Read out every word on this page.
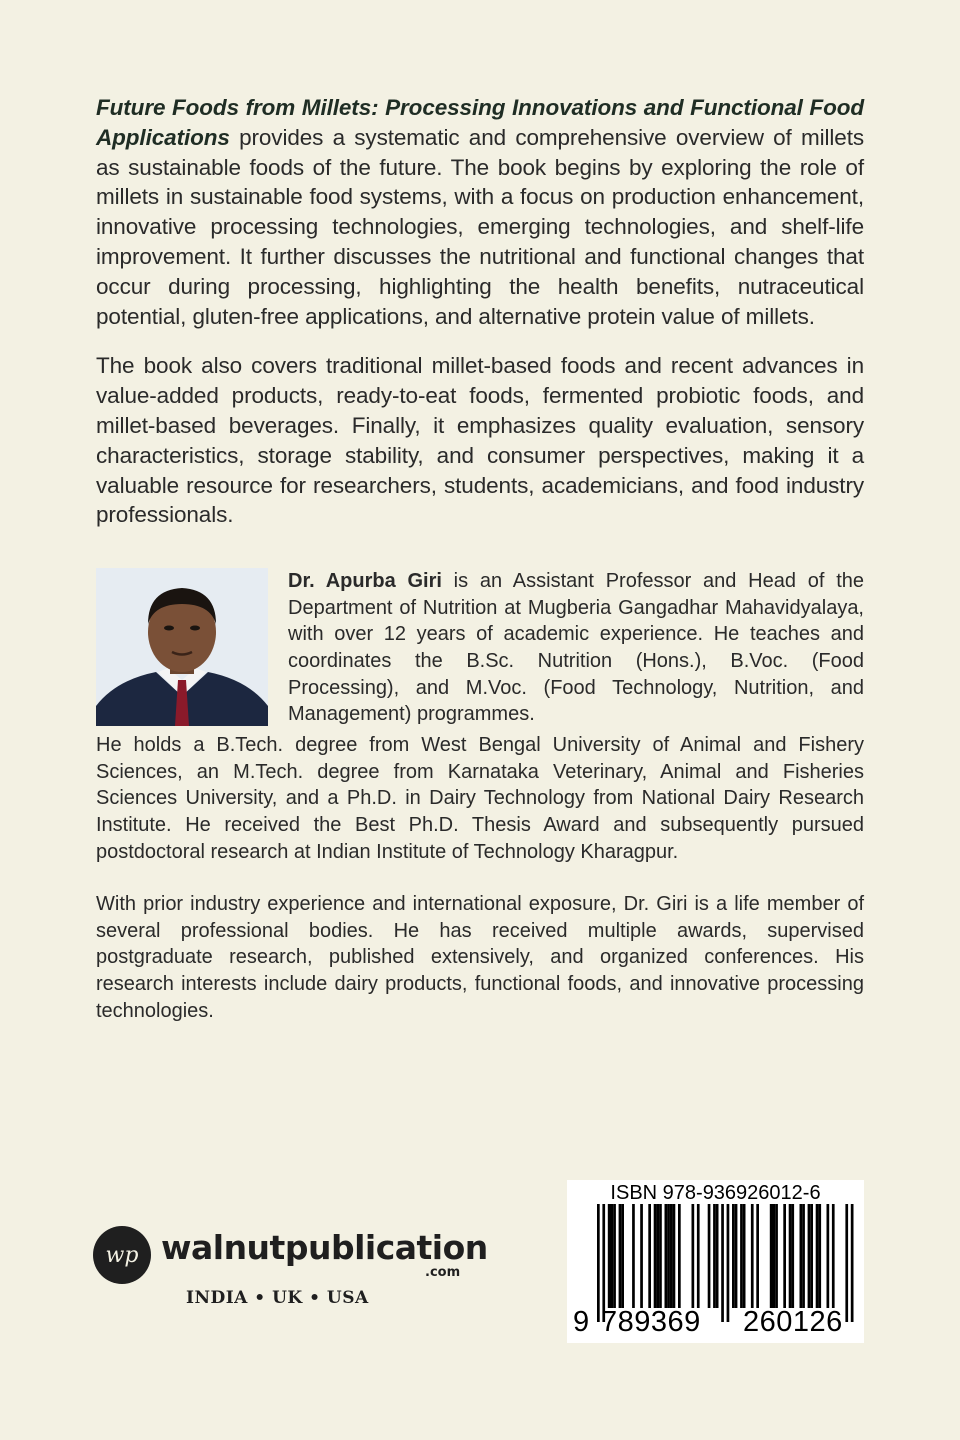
Future Foods from Millets: Processing Innovations and Functional Food Applications provides a systematic and comprehensive overview of millets as sustainable foods of the future. The book begins by exploring the role of millets in sustainable food systems, with a focus on production enhancement, innovative processing technologies, emerging technologies, and shelf-life improvement. It further discusses the nutritional and functional changes that occur during processing, highlighting the health benefits, nutraceutical potential, gluten-free applications, and alternative protein value of millets.

The book also covers traditional millet-based foods and recent advances in value-added products, ready-to-eat foods, fermented probiotic foods, and millet-based beverages. Finally, it emphasizes quality evaluation, sensory characteristics, storage stability, and consumer perspectives, making it a valuable resource for researchers, students, academicians, and food industry professionals.

Dr. Apurba Giri is an Assistant Professor and Head of the Department of Nutrition at Mugberia Gangadhar Mahavidyalaya, with over 12 years of academic experience. He teaches and coordinates the B.Sc. Nutrition (Hons.), B.Voc. (Food Processing), and M.Voc. (Food Technology, Nutrition, and Management) programmes.

He holds a B.Tech. degree from West Bengal University of Animal and Fishery Sciences, an M.Tech. degree from Karnataka Veterinary, Animal and Fisheries Sciences University, and a Ph.D. in Dairy Technology from National Dairy Research Institute. He received the Best Ph.D. Thesis Award and subsequently pursued postdoctoral research at Indian Institute of Technology Kharagpur.

With prior industry experience and international exposure, Dr. Giri is a life member of several professional bodies. He has received multiple awards, supervised postgraduate research, published extensively, and organized conferences. His research interests include dairy products, functional foods, and innovative processing technologies.

wp walnutpublication
.com
INDIA • UK • USA
ISBN 978-936926012-6
9 789369 260126
